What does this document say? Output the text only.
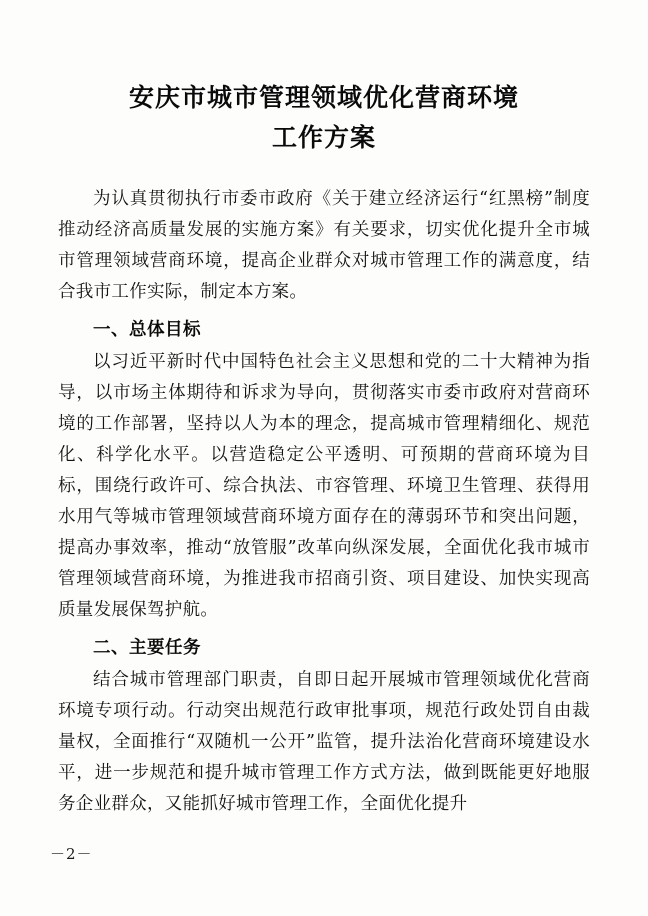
安庆市城市管理领域优化营商环境
工作方案

为认真贯彻执行市委市政府《关于建立经济运行“红黑榜”制度推动经济高质量发展的实施方案》有关要求，切实优化提升全市城市管理领域营商环境，提高企业群众对城市管理工作的满意度，结合我市工作实际，制定本方案。

一、总体目标

以习近平新时代中国特色社会主义思想和党的二十大精神为指导，以市场主体期待和诉求为导向，贯彻落实市委市政府对营商环境的工作部署，坚持以人为本的理念，提高城市管理精细化、规范化、科学化水平。以营造稳定公平透明、可预期的营商环境为目标，围绕行政许可、综合执法、市容管理、环境卫生管理、获得用水用气等城市管理领域营商环境方面存在的薄弱环节和突出问题，提高办事效率，推动“放管服”改革向纵深发展，全面优化我市城市管理领域营商环境，为推进我市招商引资、项目建设、加快实现高质量发展保驾护航。

二、主要任务

结合城市管理部门职责，自即日起开展城市管理领域优化营商环境专项行动。行动突出规范行政审批事项，规范行政处罚自由裁量权，全面推行“双随机一公开”监管，提升法治化营商环境建设水平，进一步规范和提升城市管理工作方式方法，做到既能更好地服务企业群众，又能抓好城市管理工作，全面优化提升

－2－
